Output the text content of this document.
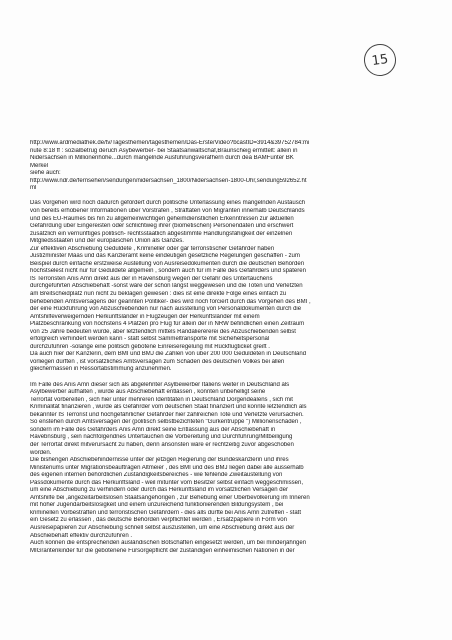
15
http://www.ardmediathek.de/tv/Tagesthemen/tagesthemen/Das-Erste/Video?bcastID=3914&39752784:mi
nute 8:18 ff : sozialbetrug deruch Asybewerber- bei Staatsanwaltschaf,Braunscheig ermittelt: allein in
Nidersachsen in Millionenhöhe...durch mangelnde Ausführungsverafhern durch dea BAMFunter BK
Merkel
siehe auch:
http://www.ndr.de/fernsehen/sendungen/nidersachsen_1800/Nidersachsen-1800-Uhr,sendung592652.ht
ml
Das Vorgehen wird noch dadurch gefördert durch politische Unterlassung eines mangelnden Austausch
von bereits erhobener Informationen über Vorstrafen , Straftaten von Migranten innerhalb Deutschlands
und des EU-Raumes bis hin zu allgemeinwichtigen geheimdienstlichen Erkenntnissen zur aktuellen
Gefährdung über Eingereisten oder schlichtweg ihrer (biometischen) Personendaten und erschwert
zusätzlich ein vernünftiges politisch- rechtsstaatlich abgestimmte Handlungsfähigkeit der einzelnen
Mitgliedsstaaten und der europäischen Union als Ganzes.
Zur effektiven Abschiebung Geduldete , Krimineller oder gar terroristischer Gefährder haben
Justizminister Maas und das Kanzleramt keine eindeutigen gesetzliche Regelungen geschaffen - zum
Beispiel durch einfache erstzweise Austellung von Ausreisedokumenten durch die deutschen Behörden
höchstselest nicht nur für Geduldete allgemein , sondern auch für im Falle des Gefährders und späteren
IS Terroristen Anis Amri direkt aus der in Ravensburg wegen der Gefahr des Untertauchens
durchgeführten Abschiebehaft -sonst wäre der schon längst weggewesen und die Toten und Verletzten
am Breitscheidplatz nun nicht zu beklagen gewesen : dies ist eine direkte Folge eines einfach zu
behebenden Amtsversagens der geannten Politiker- dies wird noch forciert durch das Vorgehen des BMI ,
der eine Rückführung von Abzuschiebenden nur nach ausstellung von Personaldokumenten durch die
Amtshilfeverweigernden Herkunftsländer in Flugzeugen der Herkunftsländer mit einem
Platzbeschränkung von höchstens 4 Plätzen pro Flug für allein der in NRW befindlichen einen Zeitraum
von 25 Jahre bedeuten würde, aber letztendlich mittels Randalierererei des Abzuschiebenden selbst
erfolgreich verhindert werden kann - statt selbst Sammeltransporte mit Sicheheitspersonal
durchzuführen -solange eine politisch gebotene Einreiseregelung mit Rückflugticket greift .
Da auch hier der Kanzlerin, dem BMI und BMJ die Zahlen von über 200 000 Geduldeten in Deutschland
vorliegen dürften , ist vorsätzliches Amtsversagen zum Schaden des deutschen Volkes bei allen
gleichermassen in Ressortabstimmung anzunehmen.
Im Falle des Anis Amri dieser sich als abgelehnter Asylbewerber Italiens weiter in Deutschland als
Asylbewerber aufhalten , wurde aus Abschiebehaft entlassen , konnten unbehelligt seine
Terrortat vorbereiten , sich hier unter mehreren Identitäten in Deutschland Dorgendealens , sich mit
Kriminalität finanzieren , wurde als Gefährder vom deutschen Staat finanziert und konnte letztendlich als
bekannter IS Terrorist und hochgefährlicher Gefährder hier zahlreichen Tote und Verletzte verursachen.
So enstehen durch Amtsversagen der (politisch selbstbezichteten "Gurkentruppe ") Millionenschäden ,
sondern im Falle des Gefährders Anis Amri direkt seine Entlassung aus der Abschiebehaft in
Ravebnsburg , sein nachfolgendnes Untertauchen die Vorbereitung und Durchführung/Mitbeiligung
der Terrortat direkt mitverursacht zu haben, denn ansonsten wäre er rechtzeitig zuvor abgeschoben
worden.
Die bisherigen Abschiebehindernisse unter der jetzigen Regierung der Bundeskanzlerin und ihres
Ministeriums unter Migrationsbeauftragen Altmeier , des BMI und des BMJ liegen dabei alle ausserhalb
des eigenen internen behördlichen Zuständigkeitsbereiches - wie fehlende Zweitaustellung von
Passdokumente durch das Herkunftsland - weil mitunter vom Besitzer selbst einfach weggeschmissen,
um eine Abschiebung zu verhindern oder durch das Herkunftsland im vorsätzlichen Versagen der
Amtshilfe bei ,angezeitarbeitslosen Staatsangehörigen , zur Behebung einer Überbevölkerung im Inneren
mit hoher Jugendarbeitslosigkeit und einem unzureichend funktionierenden Bildungsystem , bei
kriminellen Vorbestraften und terroristischen Gefährdern - dies alls dürfte bei Anis Amri zutreffen - statt
ein Gesetz zu erlassen , das deutsche Behörden verpflichtet werden , Ersatzpapiere in Form von
Ausreisepapieren zur Abschiebung schnell selbst auszustellen, um eine Abschiebung direkt aus der
Abschiebehaft effektiv durchzuführen .
Auch können die entsprechenden ausländischen Botschaften eingesetzt werden, um bei minderjährigen
MIGrantenkinder für die gebotenene Fürsorgepflicht der zuständigen einheimischen Nationen in der
